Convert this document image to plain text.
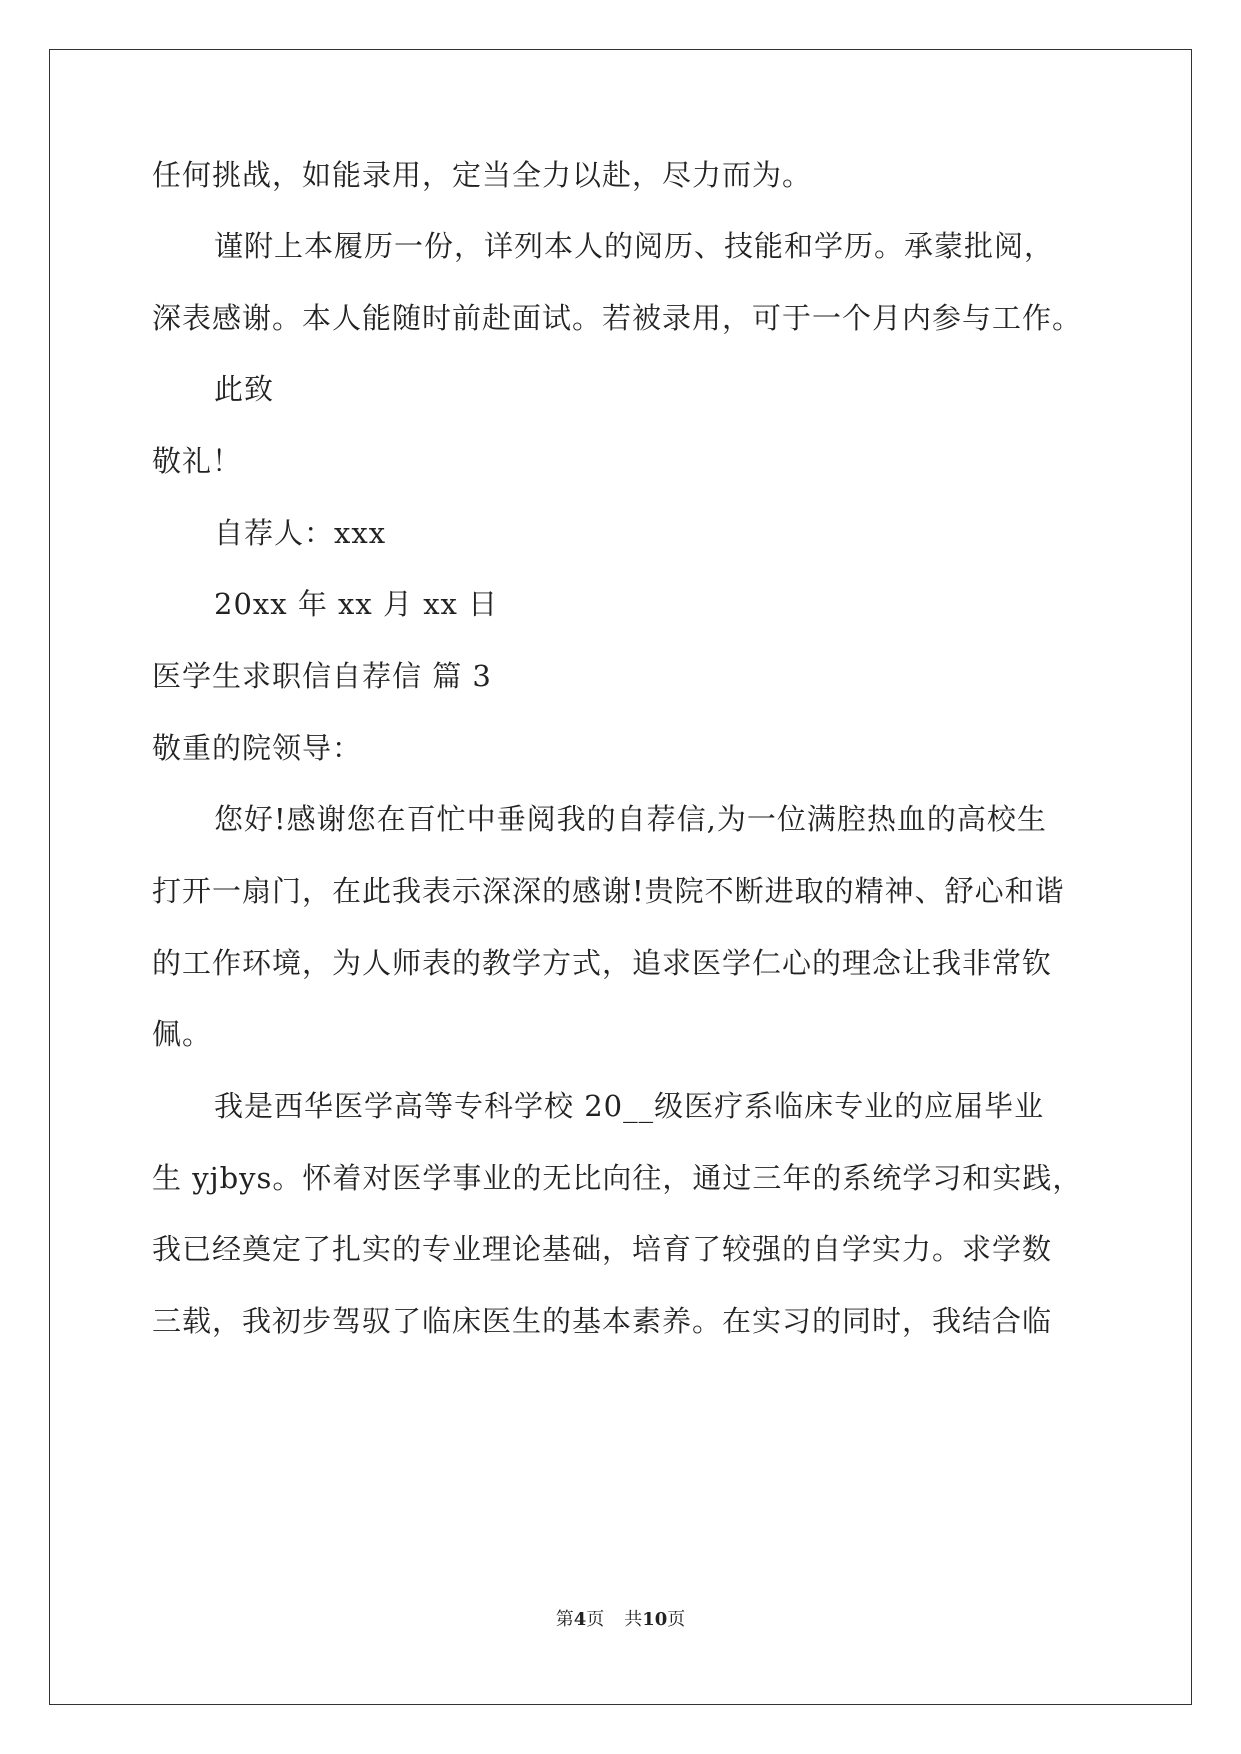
任何挑战，如能录用，定当全力以赴，尽力而为。
谨附上本履历一份，详列本人的阅历、技能和学历。承蒙批阅，
深表感谢。本人能随时前赴面试。若被录用，可于一个月内参与工作。
此致
敬礼！
自荐人：xxx
20xx 年 xx 月 xx 日
医学生求职信自荐信 篇 3
敬重的院领导：
您好!感谢您在百忙中垂阅我的自荐信,为一位满腔热血的高校生
打开一扇门，在此我表示深深的感谢!贵院不断进取的精神、舒心和谐
的工作环境，为人师表的教学方式，追求医学仁心的理念让我非常钦
佩。
我是西华医学高等专科学校 20__级医疗系临床专业的应届毕业
生 yjbys。怀着对医学事业的无比向往，通过三年的系统学习和实践，
我已经奠定了扎实的专业理论基础，培育了较强的自学实力。求学数
三载，我初步驾驭了临床医生的基本素养。在实习的同时，我结合临
第4页 共10页
